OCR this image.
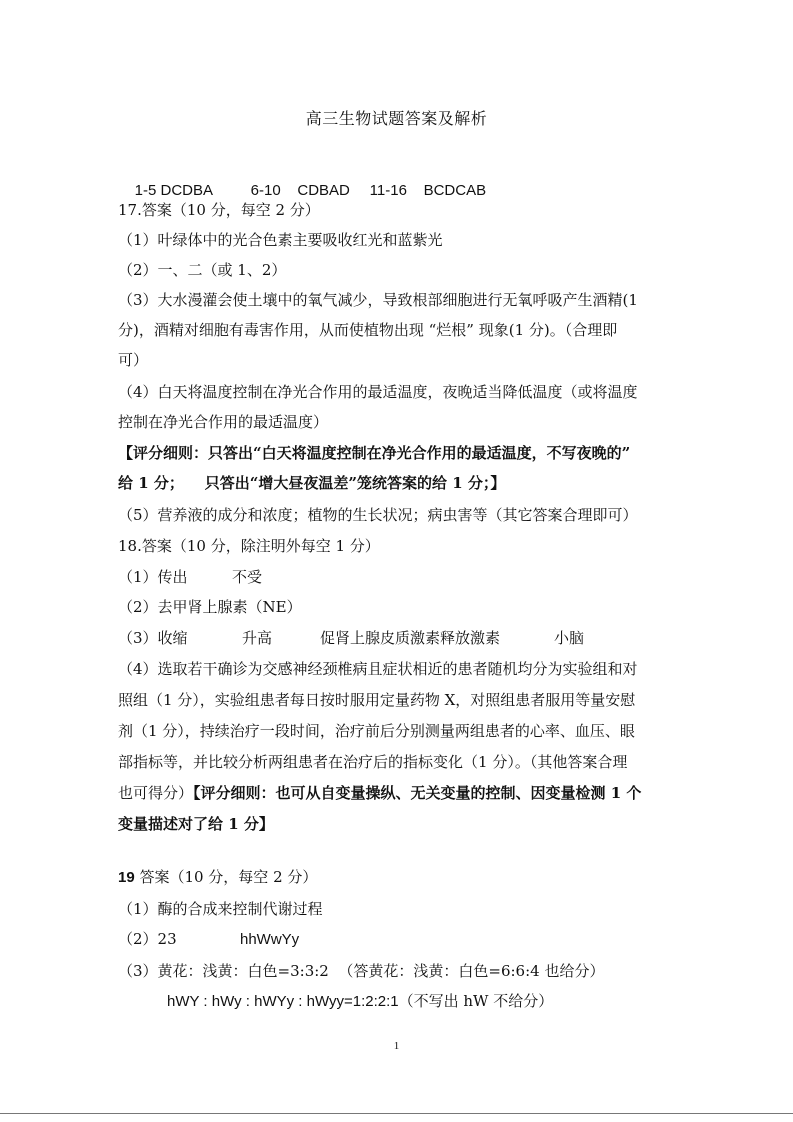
高三生物试题答案及解析

1-5 DCDBA	6-10    CDBAD 11-16    BCDCAB

17.答案（10 分，每空 2 分）
（1）叶绿体中的光合色素主要吸收红光和蓝紫光
（2）一、二（或 1、2）
（3）大水漫灌会使土壤中的氧气减少，导致根部细胞进行无氧呼吸产生酒精(1
分)，酒精对细胞有毒害作用，从而使植物出现 “烂根” 现象(1 分)。（合理即
可）
（4）白天将温度控制在净光合作用的最适温度，夜晚适当降低温度（或将温度
控制在净光合作用的最适温度）
【评分细则：只答出“白天将温度控制在净光合作用的最适温度，不写夜晚的”
给 1 分；    只答出“增大昼夜温差”笼统答案的给 1 分；】
（5）营养液的成分和浓度；植物的生长状况；病虫害等（其它答案合理即可）
18.答案（10 分，除注明外每空 1 分）
（1）传出	不受
（2）去甲肾上腺素（NE）
（3）收缩	升高	促肾上腺皮质激素释放激素	小脑
（4）选取若干确诊为交感神经颈椎病且症状相近的患者随机均分为实验组和对
照组（1 分），实验组患者每日按时服用定量药物 X，对照组患者服用等量安慰
剂（1 分），持续治疗一段时间，治疗前后分别测量两组患者的心率、血压、眼
部指标等，并比较分析两组患者在治疗后的指标变化（1 分）。（其他答案合理
也可得分）【评分细则：也可从自变量操纵、无关变量的控制、因变量检测 1 个
变量描述对了给 1 分】
19 答案（10 分，每空 2 分）
（1）酶的合成来控制代谢过程
（2）23	hhWwYy
（3）黄花：浅黄：白色=3:3:2  （答黄花：浅黄：白色=6:6:4 也给分）
hWY : hWy : hWYy : hWyy=1:2:2:1（不写出 hW 不给分）
1
